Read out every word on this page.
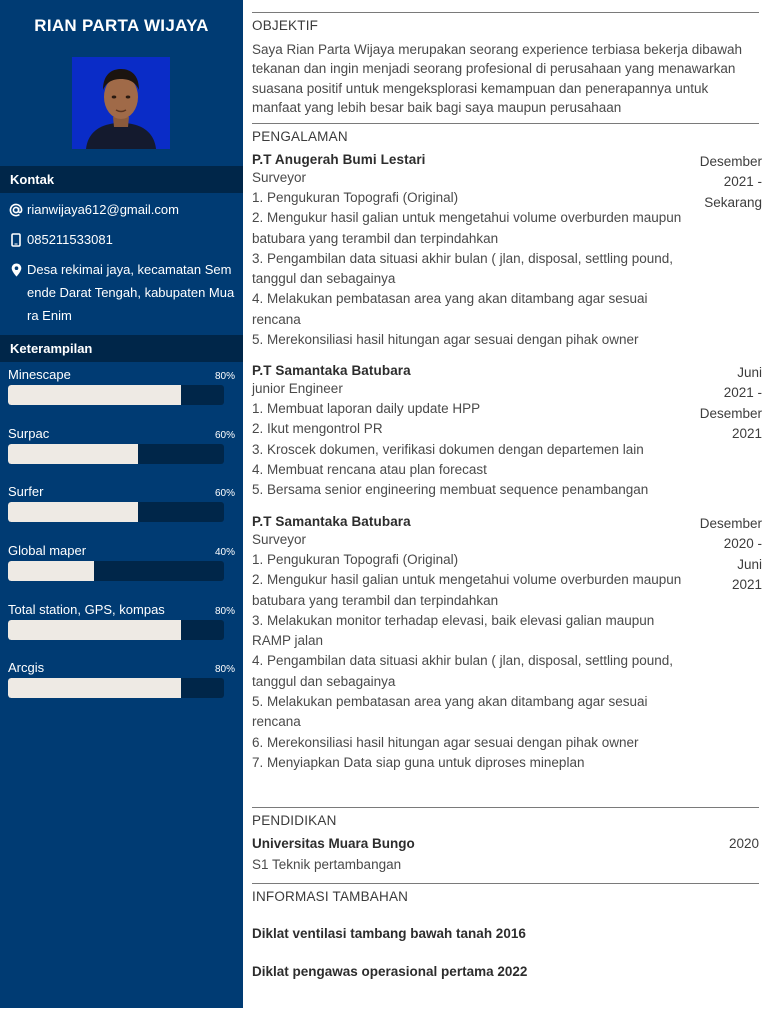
RIAN PARTA WIJAYA
Kontak
rianwijaya612@gmail.com
085211533081
Desa rekimai jaya, kecamatan Sem
ende Darat Tengah, kabupaten Mua
ra Enim
Keterampilan
Minescape	80%
Surpac	60%
Surfer	60%
Global maper	40%
Total station, GPS, kompas	80%
Arcgis	80%
OBJEKTIF
Saya Rian Parta Wijaya merupakan seorang experience terbiasa bekerja dibawah
tekanan dan ingin menjadi seorang profesional di perusahaan yang menawarkan
suasana positif untuk mengeksplorasi kemampuan dan penerapannya untuk
manfaat yang lebih besar baik bagi saya maupun perusahaan
PENGALAMAN
P.T Anugerah Bumi Lestari	Desember
2021 -
Sekarang
Surveyor
1. Pengukuran Topografi (Original)
2. Mengukur hasil galian untuk mengetahui volume overburden maupun
batubara yang terambil dan terpindahkan
3. Pengambilan data situasi akhir bulan ( jlan, disposal, settling pound,
tanggul dan sebagainya
4. Melakukan pembatasan area yang akan ditambang agar sesuai
rencana
5. Merekonsiliasi hasil hitungan agar sesuai dengan pihak owner
P.T Samantaka Batubara	Juni
2021 -
Desember
2021
junior Engineer
1. Membuat laporan daily update HPP
2. Ikut mengontrol PR
3. Kroscek dokumen, verifikasi dokumen dengan departemen lain
4. Membuat rencana atau plan forecast
5. Bersama senior engineering membuat sequence penambangan
P.T Samantaka Batubara	Desember
2020 -
Juni
2021
Surveyor
1. Pengukuran Topografi (Original)
2. Mengukur hasil galian untuk mengetahui volume overburden maupun
batubara yang terambil dan terpindahkan
3. Melakukan monitor terhadap elevasi, baik elevasi galian maupun
RAMP jalan
4. Pengambilan data situasi akhir bulan ( jlan, disposal, settling pound,
tanggul dan sebagainya
5. Melakukan pembatasan area yang akan ditambang agar sesuai
rencana
6. Merekonsiliasi hasil hitungan agar sesuai dengan pihak owner
7. Menyiapkan Data siap guna untuk diproses mineplan
PENDIDIKAN
Universitas Muara Bungo	2020
S1 Teknik pertambangan
INFORMASI TAMBAHAN
Diklat ventilasi tambang bawah tanah 2016
Diklat pengawas operasional pertama 2022
